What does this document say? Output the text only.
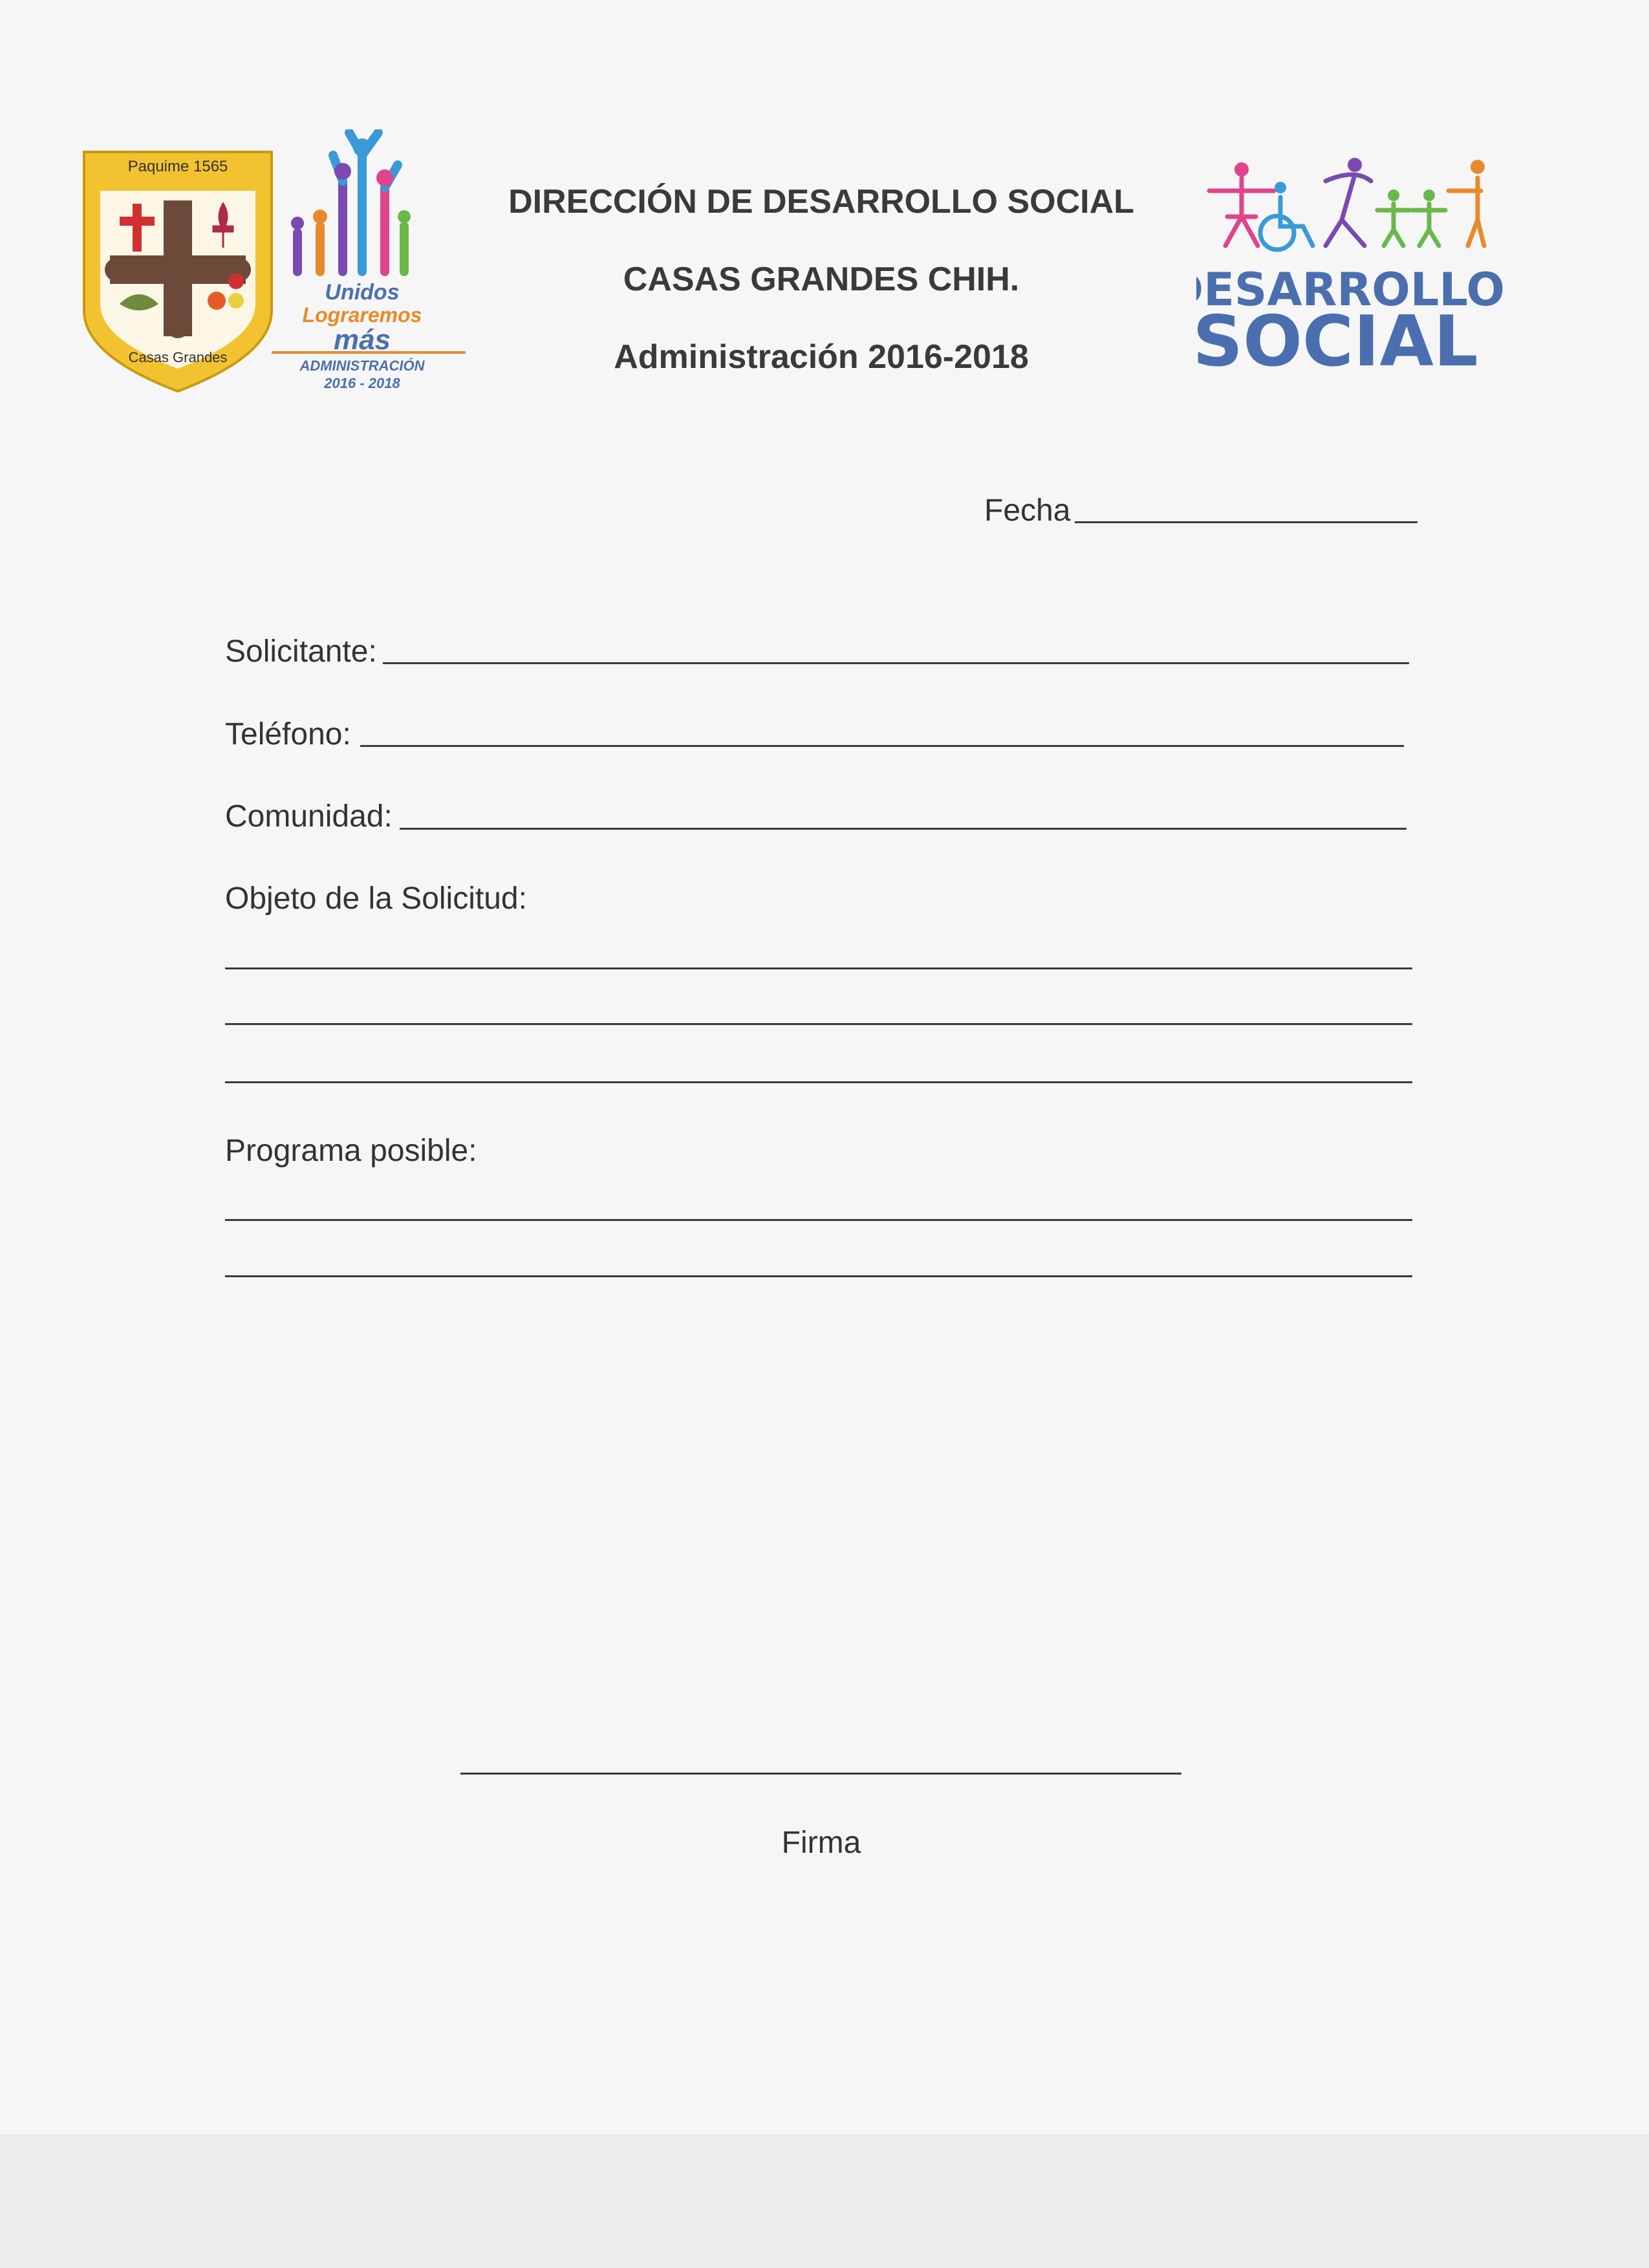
Paquime 1565
Casas Grandes
Unidos
Lograremos
más
ADMINISTRACIÓN
2016 - 2018
DIRECCIÓN DE DESARROLLO SOCIAL
CASAS GRANDES CHIH.
Administración 2016-2018
DESARROLLO
SOCIAL
Fecha
Solicitante:
Teléfono:
Comunidad:
Objeto de la Solicitud:
Programa posible:
Firma
